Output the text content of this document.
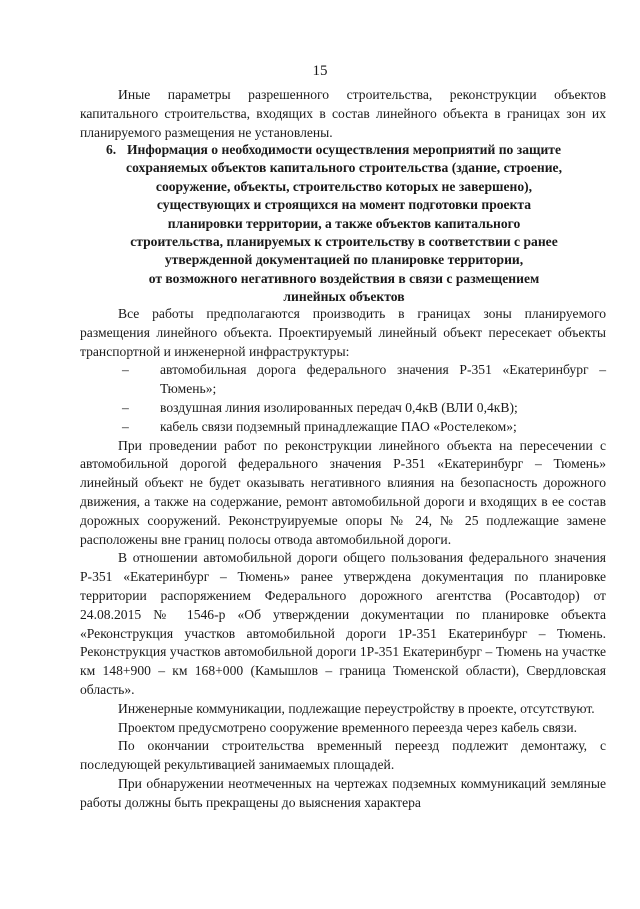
15

Иные параметры разрешенного строительства, реконструкции объектов капитального строительства, входящих в состав линейного объекта в границах зон их планируемого размещения не установлены.

6. Информация о необходимости осуществления мероприятий по защите
сохраняемых объектов капитального строительства (здание, строение,
сооружение, объекты, строительство которых не завершено),
существующих и строящихся на момент подготовки проекта
планировки территории, а также объектов капитального
строительства, планируемых к строительству в соответствии с ранее
утвержденной документацией по планировке территории,
от возможного негативного воздействия в связи с размещением
линейных объектов

Все работы предполагаются производить в границах зоны планируемого размещения линейного объекта. Проектируемый линейный объект пересекает объекты транспортной и инженерной инфраструктуры:

– автомобильная дорога федерального значения Р-351 «Екатеринбург – Тюмень»;

– воздушная линия изолированных передач 0,4кВ (ВЛИ 0,4кВ);

– кабель связи подземный принадлежащие ПАО «Ростелеком»;

При проведении работ по реконструкции линейного объекта на пересечении с автомобильной дорогой федерального значения Р-351 «Екатеринбург – Тюмень» линейный объект не будет оказывать негативного влияния на безопасность дорожного движения, а также на содержание, ремонт автомобильной дороги и входящих в ее состав дорожных сооружений. Реконструируемые опоры № 24, № 25 подлежащие замене расположены вне границ полосы отвода автомобильной дороги.

В отношении автомобильной дороги общего пользования федерального значения Р-351 «Екатеринбург – Тюмень» ранее утверждена документация по планировке территории распоряжением Федерального дорожного агентства (Росавтодор) от 24.08.2015 № 1546-р «Об утверждении документации по планировке объекта «Реконструкция участков автомобильной дороги 1Р-351 Екатеринбург – Тюмень. Реконструкция участков автомобильной дороги 1Р-351 Екатеринбург – Тюмень на участке км 148+900 – км 168+000 (Камышлов – граница Тюменской области), Свердловская область».

Инженерные коммуникации, подлежащие переустройству в проекте, отсутствуют.

Проектом предусмотрено сооружение временного переезда через кабель связи.

По окончании строительства временный переезд подлежит демонтажу, с последующей рекультивацией занимаемых площадей.

При обнаружении неотмеченных на чертежах подземных коммуникаций земляные работы должны быть прекращены до выяснения характера
